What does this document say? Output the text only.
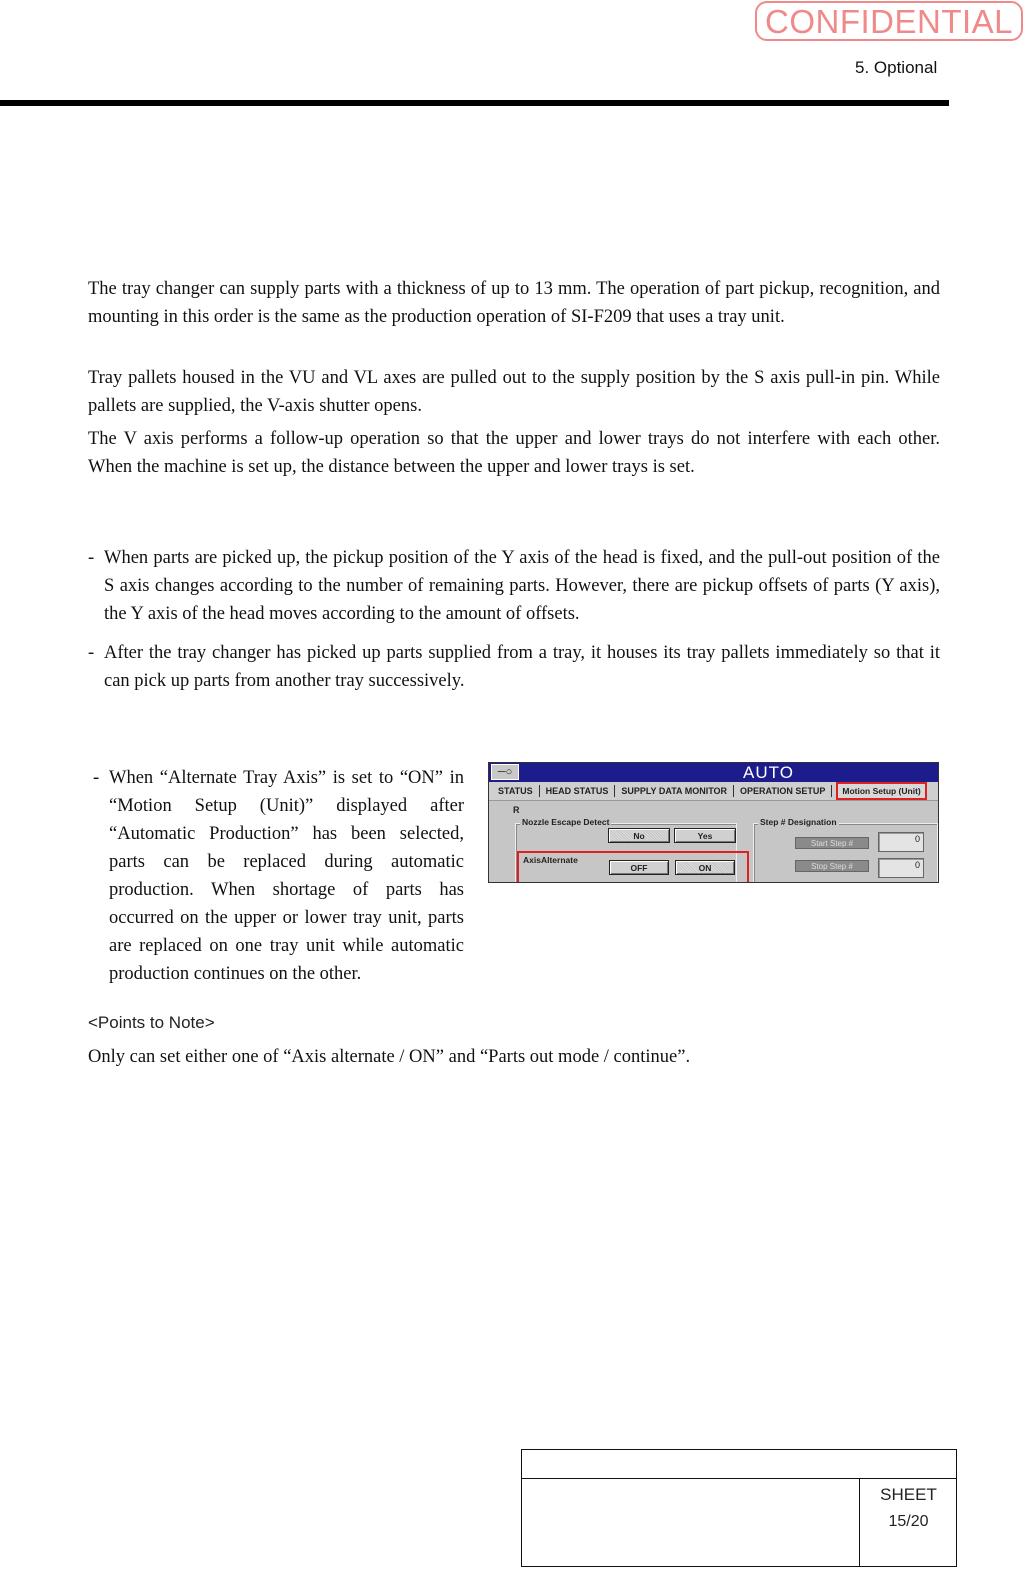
CONFIDENTIAL
5. Optional

The tray changer can supply parts with a thickness of up to 13 mm. The operation of part pickup, recognition, and mounting in this order is the same as the production operation of SI-F209 that uses a tray unit.

Tray pallets housed in the VU and VL axes are pulled out to the supply position by the S axis pull-in pin. While pallets are supplied, the V-axis shutter opens.

The V axis performs a follow-up operation so that the upper and lower trays do not interfere with each other. When the machine is set up, the distance between the upper and lower trays is set.

- When parts are picked up, the pickup position of the Y axis of the head is fixed, and the pull-out position of the S axis changes according to the number of remaining parts. However, there are pickup offsets of parts (Y axis), the Y axis of the head moves according to the amount of offsets.
- After the tray changer has picked up parts supplied from a tray, it houses its tray pallets immediately so that it can pick up parts from another tray successively.
- When “Alternate Tray Axis” is set to “ON” in “Motion Setup (Unit)” displayed after “Automatic Production” has been selected, parts can be replaced during automatic production. When shortage of parts has occurred on the upper or lower tray unit, parts are replaced on one tray unit while automatic production continues on the other.
─○	AUTO
STATUS	HEAD STATUS	SUPPLY DATA MONITOR	OPERATION SETUP	Motion Setup (Unit)
R
Nozzle Escape Detect	Step # Designation
AxisAlternate
No	Yes
OFF	ON
Start Step #	0
Stop Step #	0
<Points to Note>
Only can set either one of “Axis alternate / ON” and “Parts out mode / continue”.
SHEET
15/20
